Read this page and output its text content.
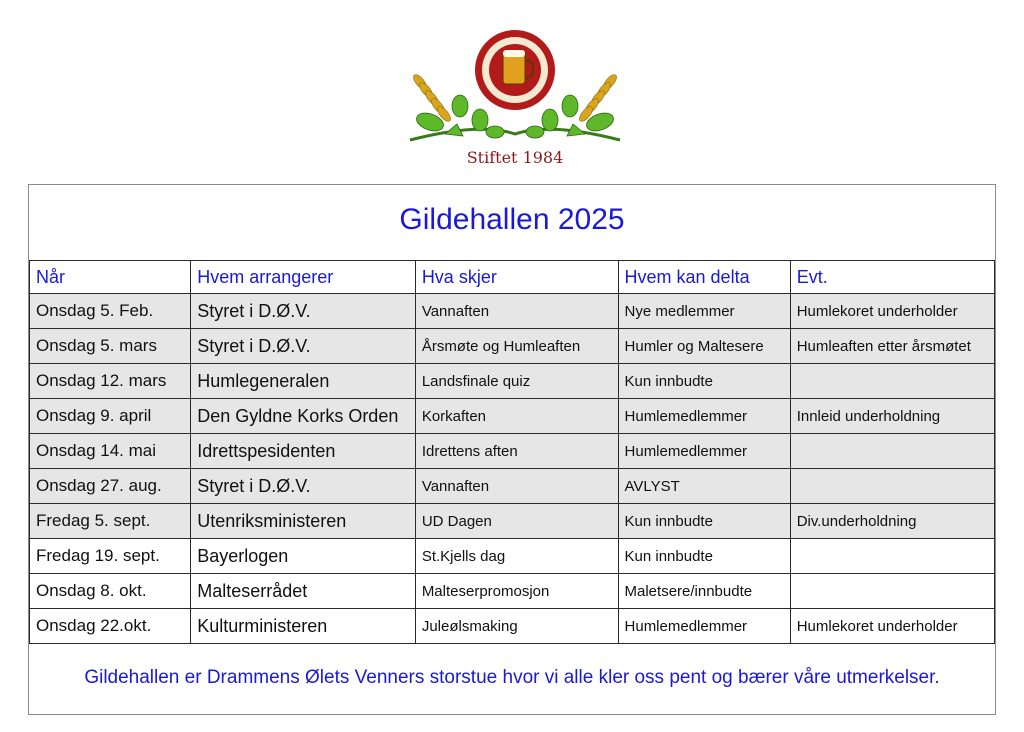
Stiftet 1984
Gildehallen 2025
Når	Hvem arrangerer	Hva skjer	Hvem kan delta	Evt.
Onsdag 5. Feb.	Styret i D.Ø.V.	Vannaften	Nye medlemmer	Humlekoret underholder
Onsdag 5. mars	Styret i D.Ø.V.	Årsmøte og Humleaften	Humler og Maltesere	Humleaften etter årsmøtet
Onsdag 12. mars	Humlegeneralen	Landsfinale quiz	Kun innbudte	
Onsdag 9. april	Den Gyldne Korks Orden	Korkaften	Humlemedlemmer	Innleid underholdning
Onsdag 14. mai	Idrettspesidenten	Idrettens aften	Humlemedlemmer	
Onsdag 27. aug.	Styret i D.Ø.V.	Vannaften	AVLYST	
Fredag 5. sept.	Utenriksministeren	UD Dagen	Kun innbudte	Div.underholdning
Fredag 19. sept.	Bayerlogen	St.Kjells dag	Kun innbudte	
Onsdag 8. okt.	Malteserrådet	Malteserpromosjon	Maletsere/innbudte	
Onsdag 22.okt.	Kulturministeren	Juleølsmaking	Humlemedlemmer	Humlekoret underholder
Gildehallen er Drammens Ølets Venners storstue hvor vi alle kler oss pent og bærer våre utmerkelser.
